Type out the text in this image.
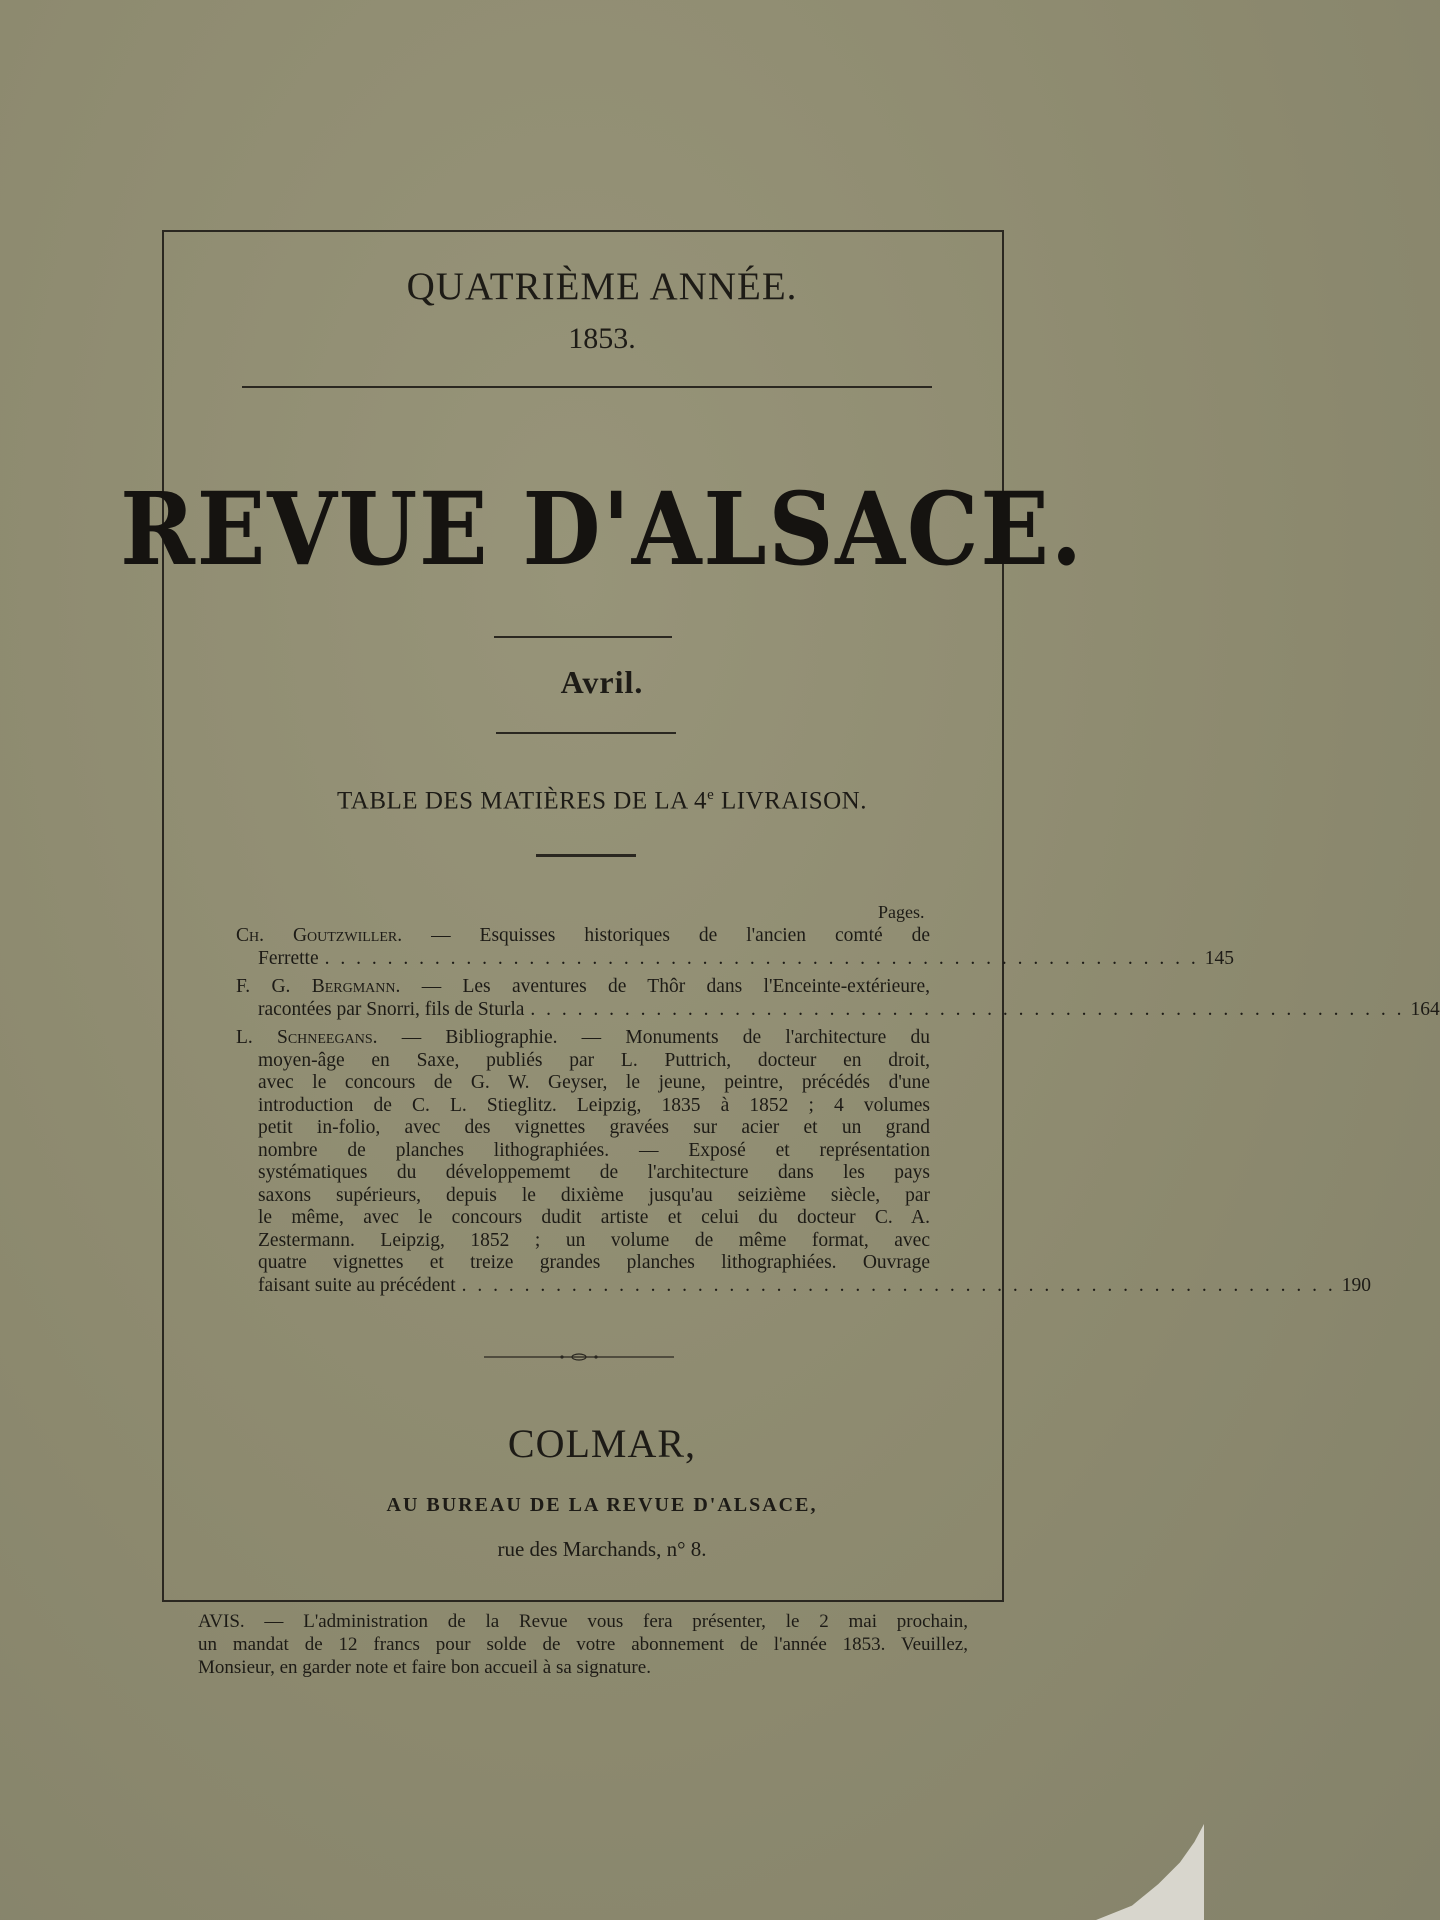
QUATRIÈME ANNÉE.
1853.
REVUE D'ALSACE.
Avril.
TABLE DES MATIÈRES DE LA 4e LIVRAISON.
Pages.
Ch. Goutzwiller. — Esquisses historiques de l'ancien comté de
Ferrette . . . . . . . . . . . . . . . . . . . . . . . . . . . . . . . . . . . . . . . . . . . . . . . . . . . . . . . . 145
F. G. Bergmann. — Les aventures de Thôr dans l'Enceinte-extérieure,
racontées par Snorri, fils de Sturla . . . . . . . . . . . . . . . . . . . . . . . . . . . . . . . . . . . . . . . . . . . . . . . . . . . . . . . . 164
L. Schneegans. — Bibliographie. — Monuments de l'architecture du
moyen-âge en Saxe, publiés par L. Puttrich, docteur en droit,
avec le concours de G. W. Geyser, le jeune, peintre, précédés d'une
introduction de C. L. Stieglitz. Leipzig, 1835 à 1852 ; 4 volumes
petit in-folio, avec des vignettes gravées sur acier et un grand
nombre de planches lithographiées. — Exposé et représentation
systématiques du développememt de l'architecture dans les pays
saxons supérieurs, depuis le dixième jusqu'au seizième siècle, par
le même, avec le concours dudit artiste et celui du docteur C. A.
Zestermann. Leipzig, 1852 ; un volume de même format, avec
quatre vignettes et treize grandes planches lithographiées. Ouvrage
faisant suite au précédent . . . . . . . . . . . . . . . . . . . . . . . . . . . . . . . . . . . . . . . . . . . . . . . . . . . . . . . . 190
COLMAR,
AU BUREAU DE LA REVUE D'ALSACE,
rue des Marchands, n° 8.
AVIS. — L'administration de la Revue vous fera présenter, le 2 mai prochain,
un mandat de 12 francs pour solde de votre abonnement de l'année 1853. Veuillez,
Monsieur, en garder note et faire bon accueil à sa signature.
